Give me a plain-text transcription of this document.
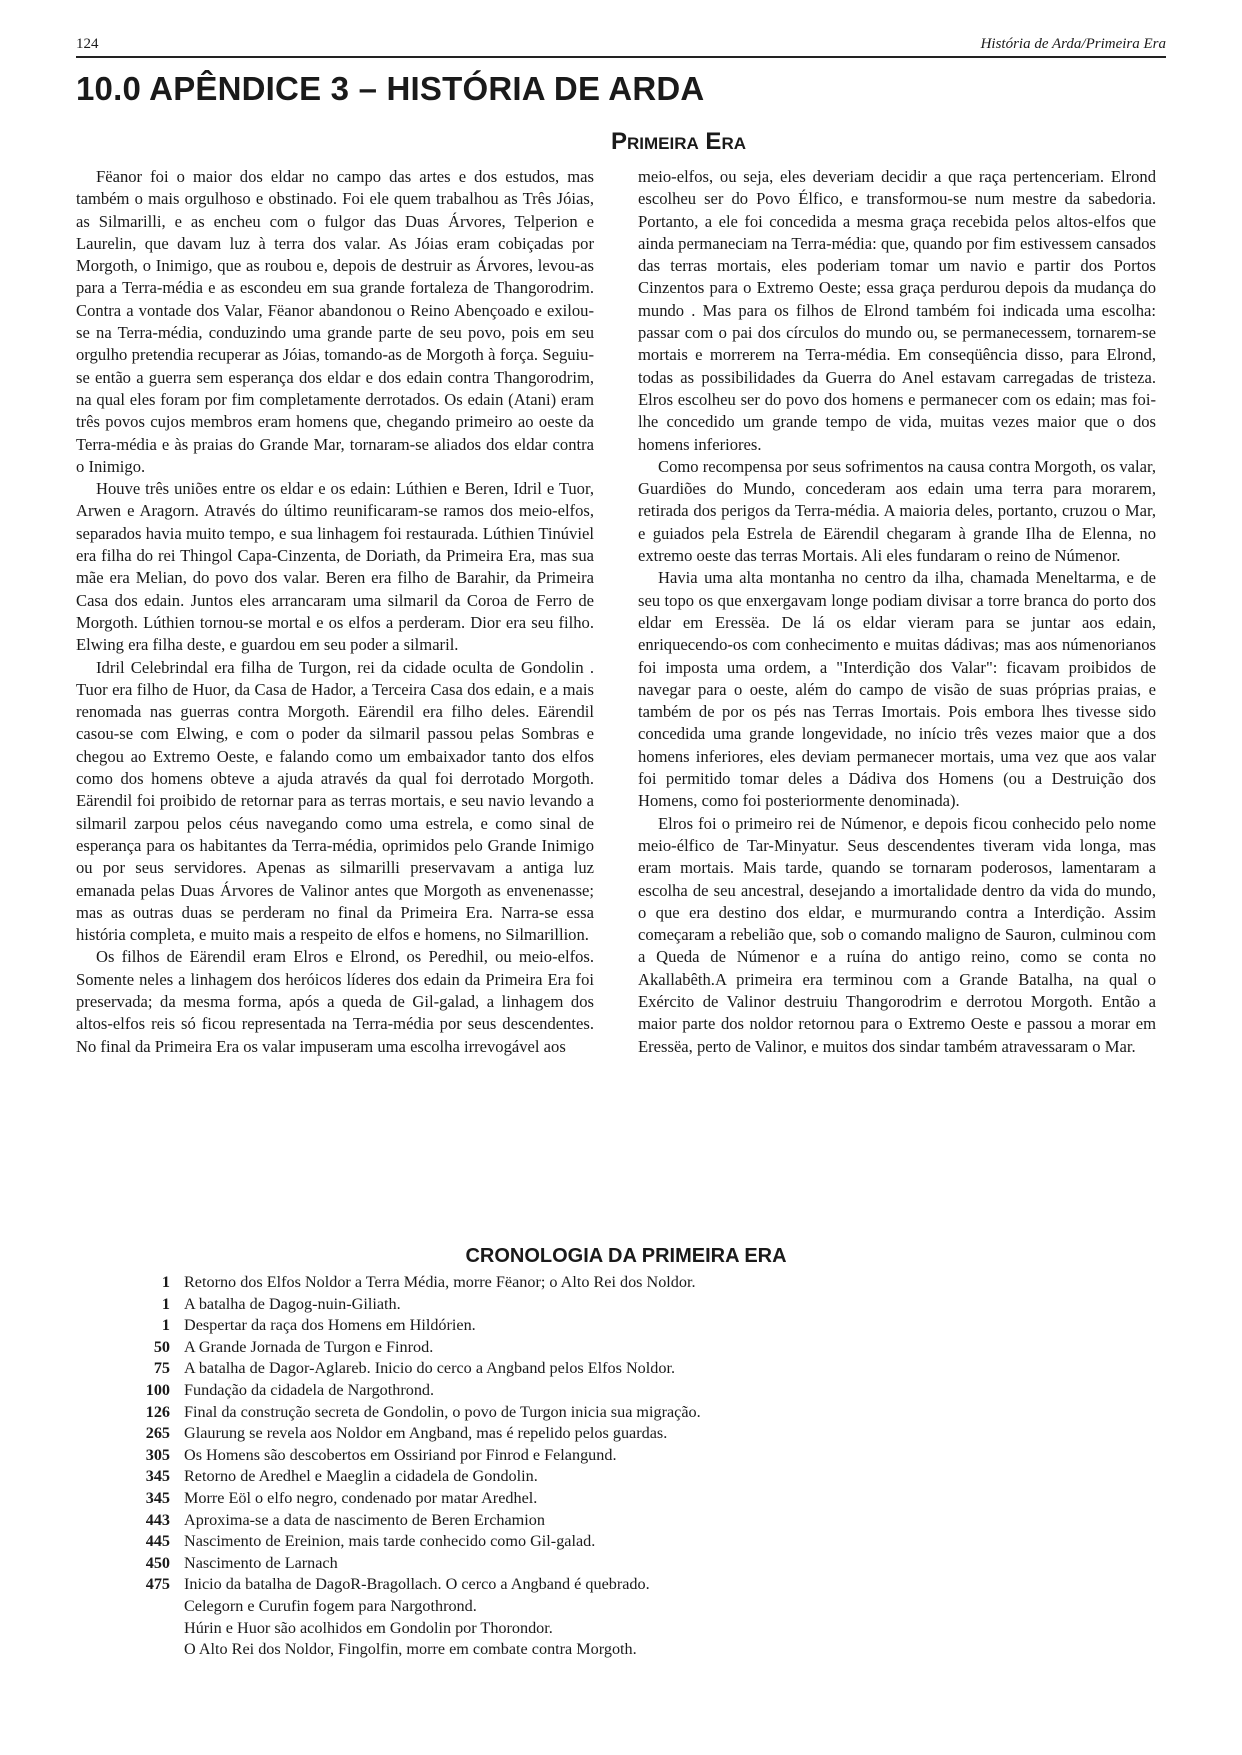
124	História de Arda/Primeira Era
10.0 APÊNDICE 3 – HISTÓRIA DE ARDA
Primeira Era

Fëanor foi o maior dos eldar no campo das artes e dos estudos, mas também o mais orgulhoso e obstinado. Foi ele quem trabalhou as Três Jóias, as Silmarilli, e as encheu com o fulgor das Duas Árvores, Telperion e Laurelin, que davam luz à terra dos valar. As Jóias eram cobiçadas por Morgoth, o Inimigo, que as roubou e, depois de destruir as Árvores, levou-as para a Terra-média e as escondeu em sua grande fortaleza de Thangorodrim. Contra a vontade dos Valar, Fëanor abandonou o Reino Abençoado e exilou-se na Terra-média, conduzindo uma grande parte de seu povo, pois em seu orgulho pretendia recuperar as Jóias, tomando-as de Morgoth à força. Seguiu-se então a guerra sem esperança dos eldar e dos edain contra Thangorodrim, na qual eles foram por fim completamente derrotados. Os edain (Atani) eram três povos cujos membros eram homens que, chegando primeiro ao oeste da Terra-média e às praias do Grande Mar, tornaram-se aliados dos eldar contra o Inimigo.

Houve três uniões entre os eldar e os edain: Lúthien e Beren, Idril e Tuor, Arwen e Aragorn. Através do último reunificaram-se ramos dos meio-elfos, separados havia muito tempo, e sua linhagem foi restaurada. Lúthien Tinúviel era filha do rei Thingol Capa-Cinzenta, de Doriath, da Primeira Era, mas sua mãe era Melian, do povo dos valar. Beren era filho de Barahir, da Primeira Casa dos edain. Juntos eles arrancaram uma silmaril da Coroa de Ferro de Morgoth. Lúthien tornou-se mortal e os elfos a perderam. Dior era seu filho. Elwing era filha deste, e guardou em seu poder a silmaril.

Idril Celebrindal era filha de Turgon, rei da cidade oculta de Gondolin . Tuor era filho de Huor, da Casa de Hador, a Terceira Casa dos edain, e a mais renomada nas guerras contra Morgoth. Eärendil era filho deles. Eärendil casou-se com Elwing, e com o poder da silmaril passou pelas Sombras e chegou ao Extremo Oeste, e falando como um embaixador tanto dos elfos como dos homens obteve a ajuda através da qual foi derrotado Morgoth. Eärendil foi proibido de retornar para as terras mortais, e seu navio levando a silmaril zarpou pelos céus navegando como uma estrela, e como sinal de esperança para os habitantes da Terra-média, oprimidos pelo Grande Inimigo ou por seus servidores. Apenas as silmarilli preservavam a antiga luz emanada pelas Duas Árvores de Valinor antes que Morgoth as envenenasse; mas as outras duas se perderam no final da Primeira Era. Narra-se essa história completa, e muito mais a respeito de elfos e homens, no Silmarillion.

Os filhos de Eärendil eram Elros e Elrond, os Peredhil, ou meio-elfos. Somente neles a linhagem dos heróicos líderes dos edain da Primeira Era foi preservada; da mesma forma, após a queda de Gil-galad, a linhagem dos altos-elfos reis só ficou representada na Terra-média por seus descendentes. No final da Primeira Era os valar impuseram uma escolha irrevogável aos

meio-elfos, ou seja, eles deveriam decidir a que raça pertenceriam. Elrond escolheu ser do Povo Élfico, e transformou-se num mestre da sabedoria. Portanto, a ele foi concedida a mesma graça recebida pelos altos-elfos que ainda permaneciam na Terra-média: que, quando por fim estivessem cansados das terras mortais, eles poderiam tomar um navio e partir dos Portos Cinzentos para o Extremo Oeste; essa graça perdurou depois da mudança do mundo . Mas para os filhos de Elrond também foi indicada uma escolha: passar com o pai dos círculos do mundo ou, se permanecessem, tornarem-se mortais e morrerem na Terra-média. Em conseqüência disso, para Elrond, todas as possibilidades da Guerra do Anel estavam carregadas de tristeza. Elros escolheu ser do povo dos homens e permanecer com os edain; mas foi-lhe concedido um grande tempo de vida, muitas vezes maior que o dos homens inferiores.

Como recompensa por seus sofrimentos na causa contra Morgoth, os valar, Guardiões do Mundo, concederam aos edain uma terra para morarem, retirada dos perigos da Terra-média. A maioria deles, portanto, cruzou o Mar, e guiados pela Estrela de Eärendil chegaram à grande Ilha de Elenna, no extremo oeste das terras Mortais. Ali eles fundaram o reino de Númenor.

Havia uma alta montanha no centro da ilha, chamada Meneltarma, e de seu topo os que enxergavam longe podiam divisar a torre branca do porto dos eldar em Eressëa. De lá os eldar vieram para se juntar aos edain, enriquecendo-os com conhecimento e muitas dádivas; mas aos númenorianos foi imposta uma ordem, a "Interdição dos Valar": ficavam proibidos de navegar para o oeste, além do campo de visão de suas próprias praias, e também de por os pés nas Terras Imortais. Pois embora lhes tivesse sido concedida uma grande longevidade, no início três vezes maior que a dos homens inferiores, eles deviam permanecer mortais, uma vez que aos valar foi permitido tomar deles a Dádiva dos Homens (ou a Destruição dos Homens, como foi posteriormente denominada).

Elros foi o primeiro rei de Númenor, e depois ficou conhecido pelo nome meio-élfico de Tar-Minyatur. Seus descendentes tiveram vida longa, mas eram mortais. Mais tarde, quando se tornaram poderosos, lamentaram a escolha de seu ancestral, desejando a imortalidade dentro da vida do mundo, o que era destino dos eldar, e murmurando contra a Interdição. Assim começaram a rebelião que, sob o comando maligno de Sauron, culminou com a Queda de Númenor e a ruína do antigo reino, como se conta no Akallabêth.A primeira era terminou com a Grande Batalha, na qual o Exército de Valinor destruiu Thangorodrim e derrotou Morgoth. Então a maior parte dos noldor retornou para o Extremo Oeste e passou a morar em Eressëa, perto de Valinor, e muitos dos sindar também atravessaram o Mar.

CRONOLOGIA DA PRIMEIRA ERA
1 Retorno dos Elfos Noldor a Terra Média, morre Fëanor; o Alto Rei dos Noldor.
1 A batalha de Dagog-nuin-Giliath.
1 Despertar da raça dos Homens em Hildórien.
50 A Grande Jornada de Turgon e Finrod.
75 A batalha de Dagor-Aglareb. Inicio do cerco a Angband pelos Elfos Noldor.
100 Fundação da cidadela de Nargothrond.
126 Final da construção secreta de Gondolin, o povo de Turgon inicia sua migração.
265 Glaurung se revela aos Noldor em Angband, mas é repelido pelos guardas.
305 Os Homens são descobertos em Ossiriand por Finrod e Felangund.
345 Retorno de Aredhel e Maeglin a cidadela de Gondolin.
345 Morre Eöl o elfo negro, condenado por matar Aredhel.
443 Aproxima-se a data de nascimento de Beren Erchamion
445 Nascimento de Ereinion, mais tarde conhecido como Gil-galad.
450 Nascimento de Larnach
475 Inicio da batalha de DagoR-Bragollach. O cerco a Angband é quebrado.
Celegorn e Curufin fogem para Nargothrond.
Húrin e Huor são acolhidos em Gondolin por Thorondor.
O Alto Rei dos Noldor, Fingolfin, morre em combate contra Morgoth.
